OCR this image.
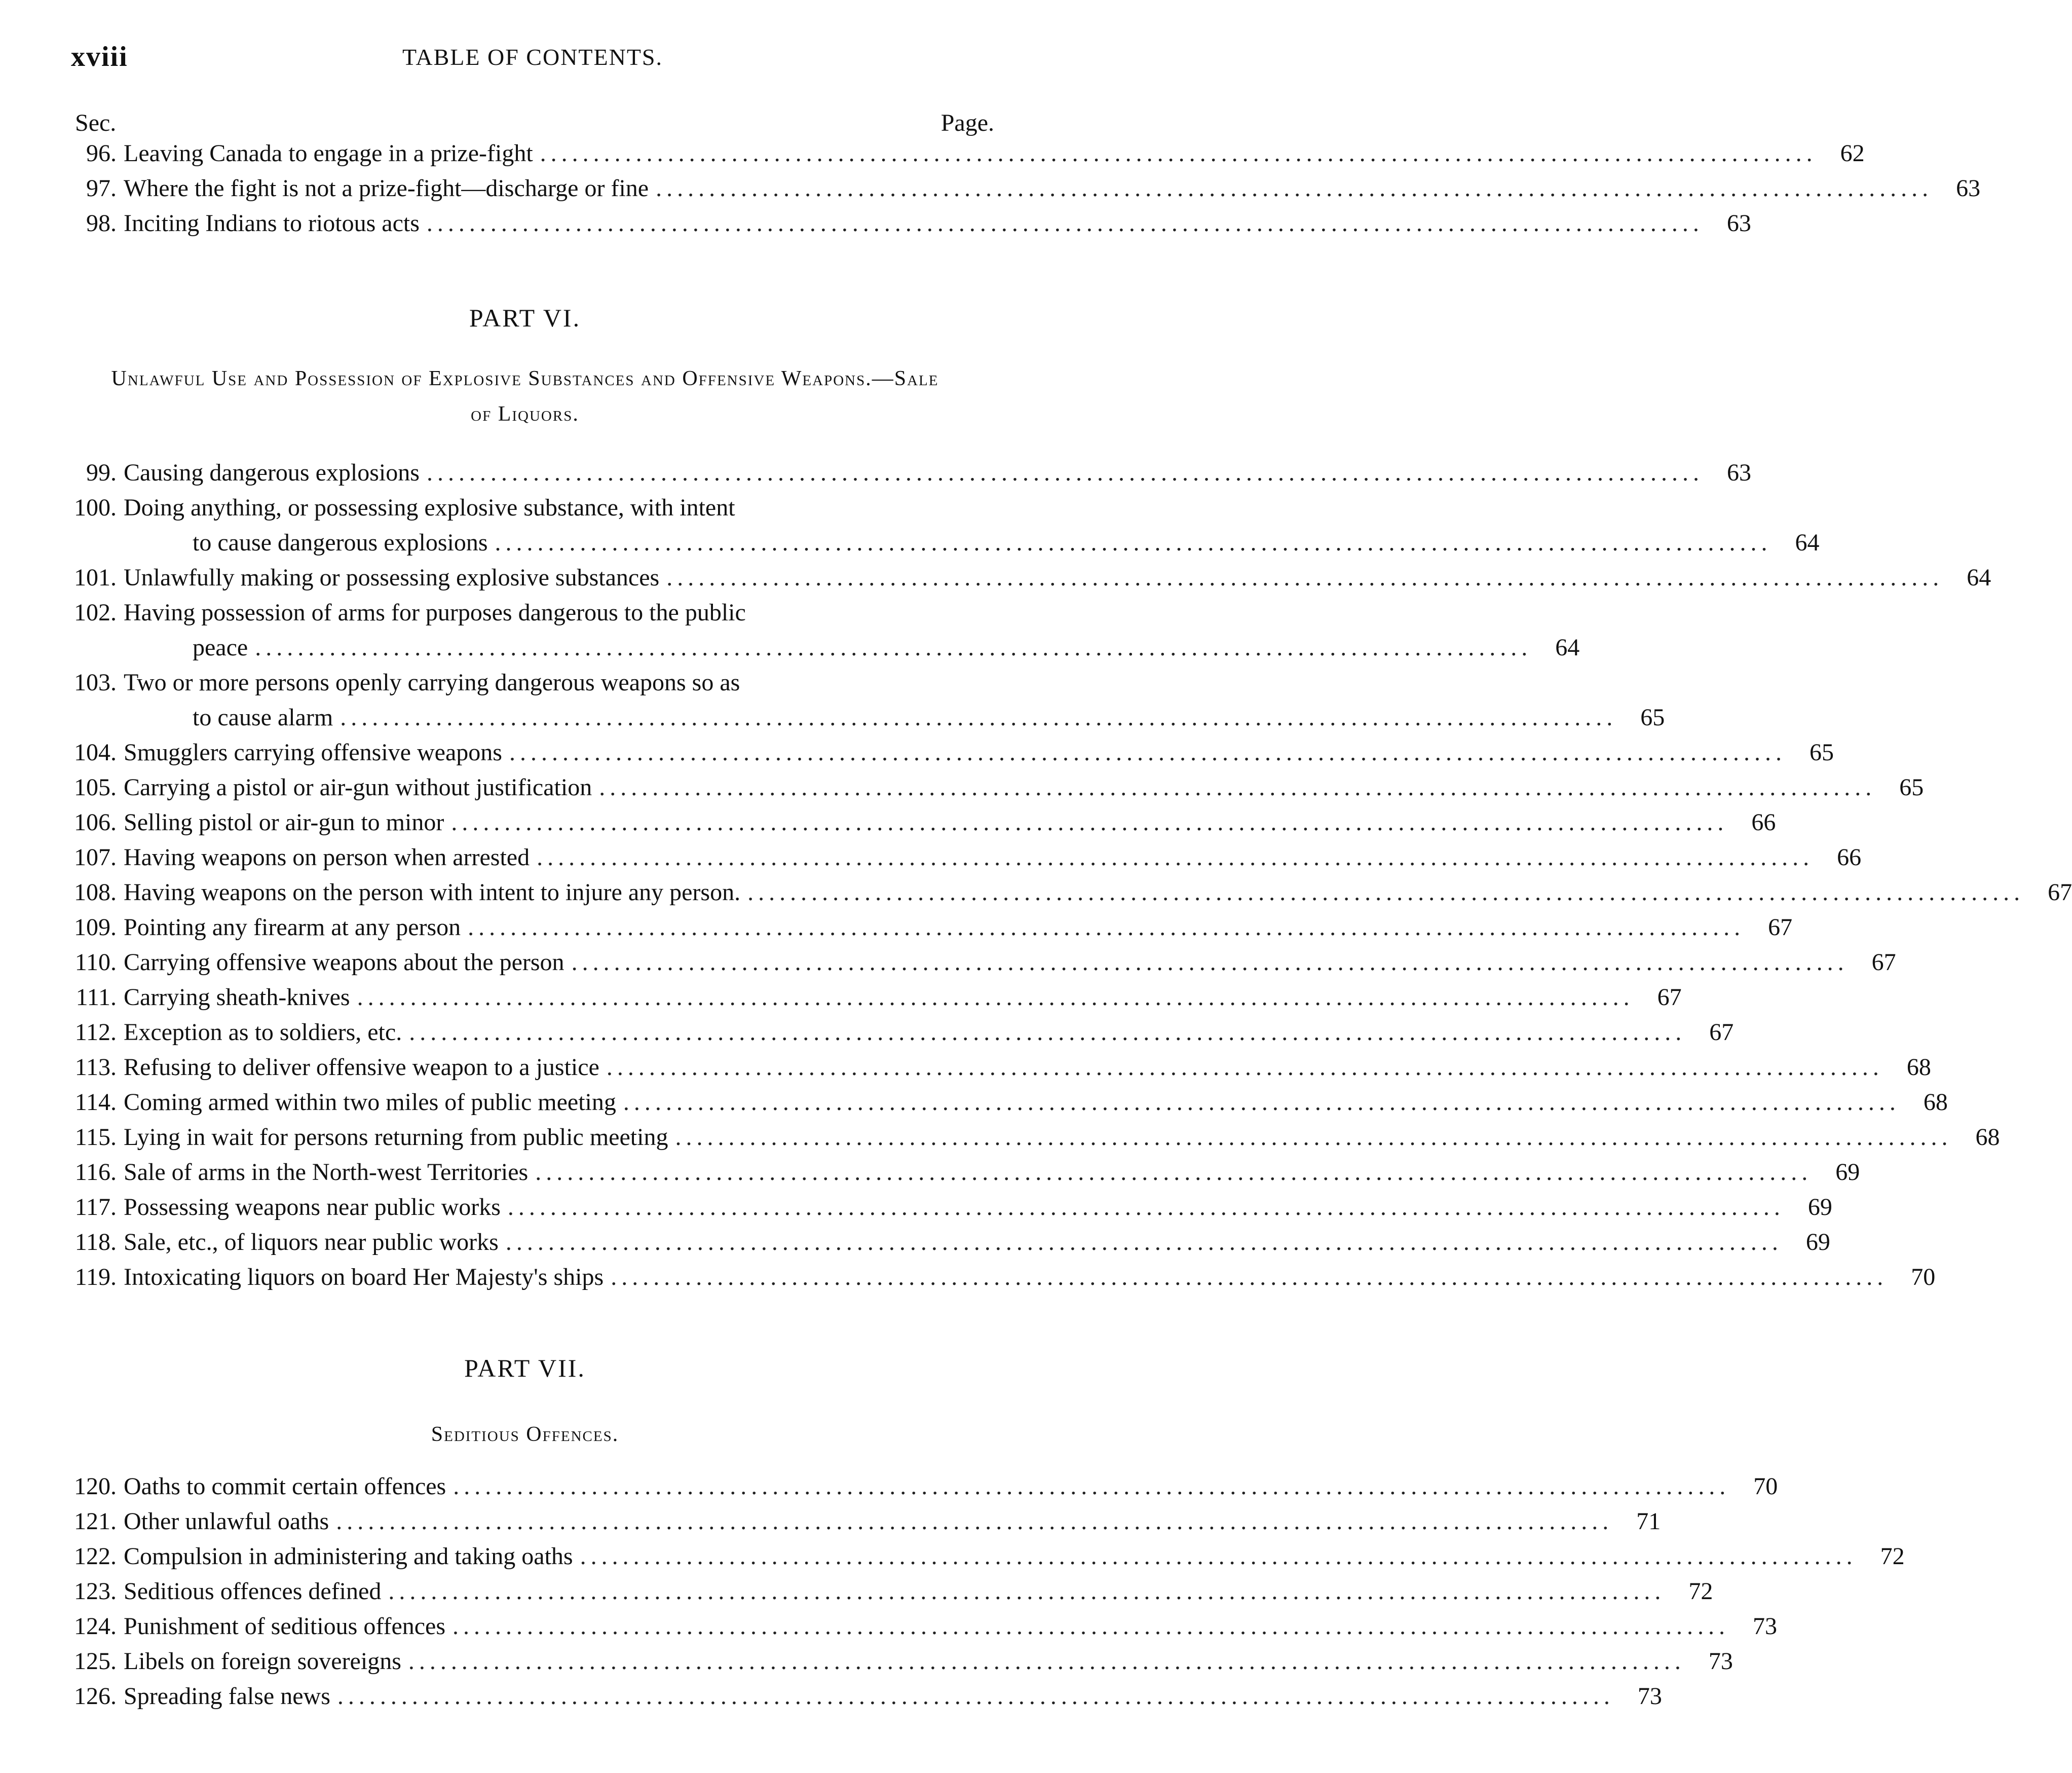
xviii	TABLE OF CONTENTS.
Sec.	Page.
96. Leaving Canada to engage in a prize-fight ........................................................................................................................ 62
97. Where the fight is not a prize-fight—discharge or fine ........................................................................................................................ 63
98. Inciting Indians to riotous acts ........................................................................................................................ 63
PART VI.
Unlawful Use and Possession of Explosive Substances and Offensive Weapons.—Sale of Liquors.
99. Causing dangerous explosions ........................................................................................................................ 63
100. Doing anything, or possessing explosive substance, with intent
to cause dangerous explosions ........................................................................................................................ 64
101. Unlawfully making or possessing explosive substances ........................................................................................................................ 64
102. Having possession of arms for purposes dangerous to the public
peace ........................................................................................................................ 64
103. Two or more persons openly carrying dangerous weapons so as
to cause alarm ........................................................................................................................ 65
104. Smugglers carrying offensive weapons ........................................................................................................................ 65
105. Carrying a pistol or air-gun without justification ........................................................................................................................ 65
106. Selling pistol or air-gun to minor ........................................................................................................................ 66
107. Having weapons on person when arrested ........................................................................................................................ 66
108. Having weapons on the person with intent to injure any person. ........................................................................................................................ 67
109. Pointing any firearm at any person ........................................................................................................................ 67
110. Carrying offensive weapons about the person ........................................................................................................................ 67
111. Carrying sheath-knives ........................................................................................................................ 67
112. Exception as to soldiers, etc. ........................................................................................................................ 67
113. Refusing to deliver offensive weapon to a justice ........................................................................................................................ 68
114. Coming armed within two miles of public meeting ........................................................................................................................ 68
115. Lying in wait for persons returning from public meeting ........................................................................................................................ 68
116. Sale of arms in the North-west Territories ........................................................................................................................ 69
117. Possessing weapons near public works ........................................................................................................................ 69
118. Sale, etc., of liquors near public works ........................................................................................................................ 69
119. Intoxicating liquors on board Her Majesty's ships ........................................................................................................................ 70
PART VII.
Seditious Offences.
120. Oaths to commit certain offences ........................................................................................................................ 70
121. Other unlawful oaths ........................................................................................................................ 71
122. Compulsion in administering and taking oaths ........................................................................................................................ 72
123. Seditious offences defined ........................................................................................................................ 72
124. Punishment of seditious offences ........................................................................................................................ 73
125. Libels on foreign sovereigns ........................................................................................................................ 73
126. Spreading false news ........................................................................................................................ 73
